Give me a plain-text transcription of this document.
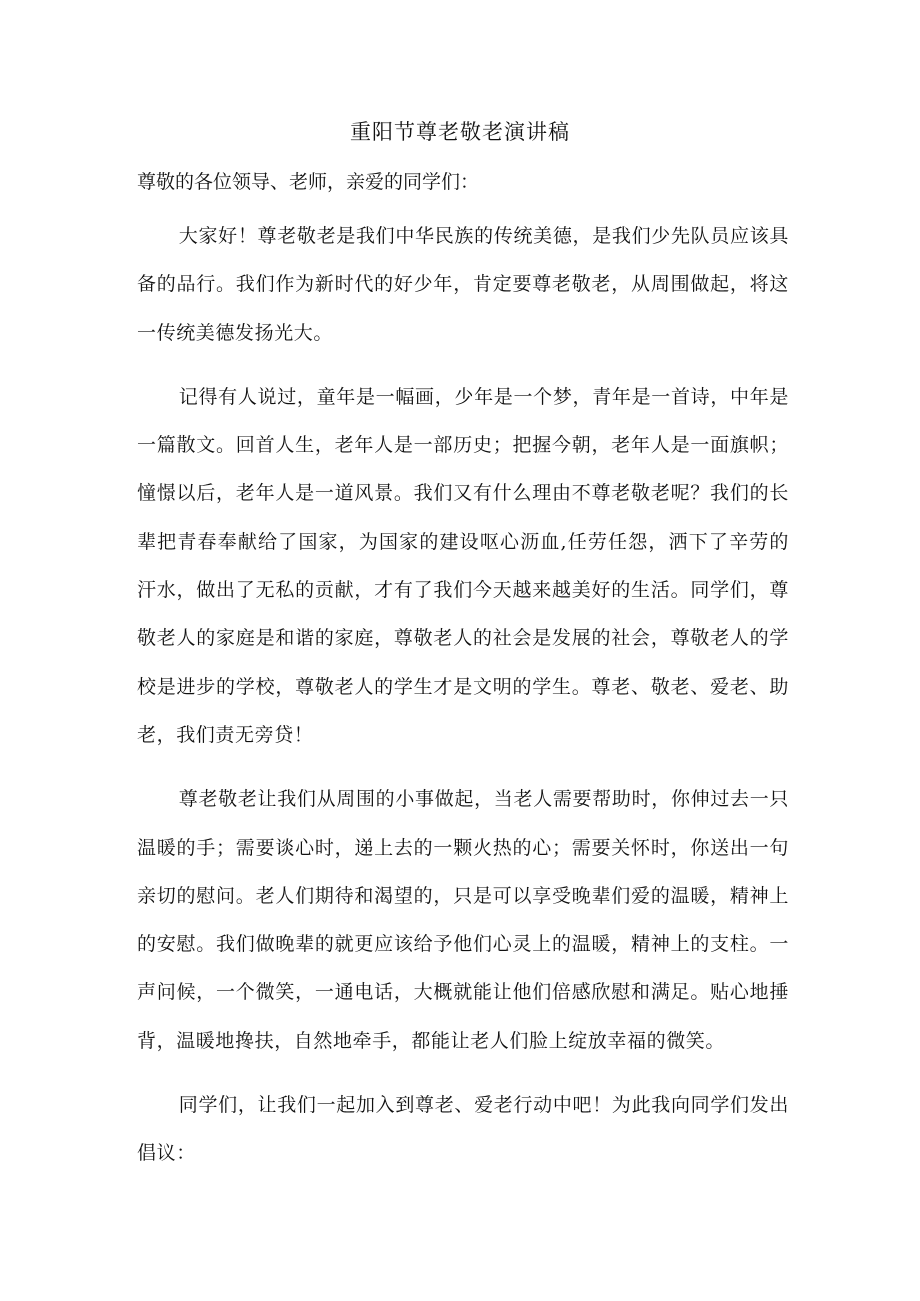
重阳节尊老敬老演讲稿

尊敬的各位领导、老师，亲爱的同学们：

大家好！尊老敬老是我们中华民族的传统美德，是我们少先队员应该具备的品行。我们作为新时代的好少年，肯定要尊老敬老，从周围做起，将这一传统美德发扬光大。

记得有人说过，童年是一幅画，少年是一个梦，青年是一首诗，中年是一篇散文。回首人生，老年人是一部历史；把握今朝，老年人是一面旗帜；憧憬以后，老年人是一道风景。我们又有什么理由不尊老敬老呢？我们的长辈把青春奉献给了国家，为国家的建设呕心沥血,任劳任怨，洒下了辛劳的汗水，做出了无私的贡献，才有了我们今天越来越美好的生活。同学们，尊敬老人的家庭是和谐的家庭，尊敬老人的社会是发展的社会，尊敬老人的学校是进步的学校，尊敬老人的学生才是文明的学生。尊老、敬老、爱老、助老，我们责无旁贷！

尊老敬老让我们从周围的小事做起，当老人需要帮助时，你伸过去一只温暖的手；需要谈心时，递上去的一颗火热的心；需要关怀时，你送出一句亲切的慰问。老人们期待和渴望的，只是可以享受晚辈们爱的温暖，精神上的安慰。我们做晚辈的就更应该给予他们心灵上的温暖，精神上的支柱。一声问候，一个微笑，一通电话，大概就能让他们倍感欣慰和满足。贴心地捶背，温暖地搀扶，自然地牵手，都能让老人们脸上绽放幸福的微笑。

同学们，让我们一起加入到尊老、爱老行动中吧！为此我向同学们发出倡议：
